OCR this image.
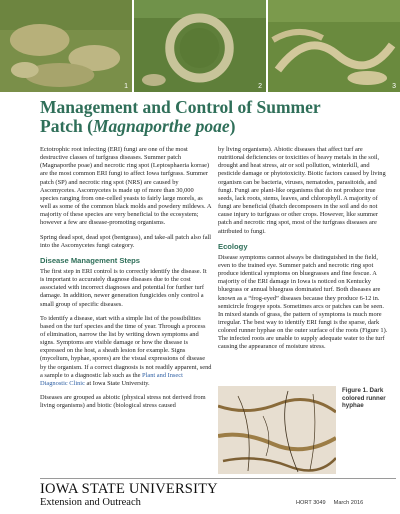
1	2	3
Management and Control of Summer
Patch (Magnaporthe poae)

Ectotrophic root infecting (ERI) fungi are one of the most destructive classes of turfgrass diseases. Summer patch (Magnaporthe poae) and necrotic ring spot (Leptosphaeria korrae) are the most common ERI fungi to affect Iowa turfgrass. Summer patch (SP) and necrotic ring spot (NRS) are caused by Ascomycetes. Ascomycetes is made up of more than 30,000 species ranging from one-celled yeasts to fairly large morels, as well as some of the common black molds and powdery mildews. A majority of these species are very beneficial to the ecosystem; however a few are disease-promoting organisms.

Spring dead spot, dead spot (bentgrass), and take-all patch also fall into the Ascomycetes fungi category.

Disease Management Steps

The first step in ERI control is to correctly identify the disease. It is important to accurately diagnose diseases due to the cost associated with incorrect diagnoses and potential for further turf damage. In addition, newer generation fungicides only control a small group of specific diseases.

To identify a disease, start with a simple list of the possibilities based on the turf species and the time of year. Through a process of elimination, narrow the list by writing down symptoms and signs. Symptoms are visible damage or how the disease is expressed on the host, a sheath lesion for example. Signs (mycelium, hyphae, spores) are the visual expressions of disease by the organism. If a correct diagnosis is not readily apparent, send a sample to a diagnostic lab such as the Plant and Insect Diagnostic Clinic at Iowa State University.

Diseases are grouped as abiotic (physical stress not derived from living organisms) and biotic (biological stress caused

by living organisms). Abiotic diseases that affect turf are nutritional deficiencies or toxicities of heavy metals in the soil, drought and heat stress, air or soil pollution, winterkill, and pesticide damage or phytotoxicity. Biotic factors caused by living organism can be bacteria, viruses, nematodes, parasitoids, and fungi. Fungi are plant-like organisms that do not produce true seeds, lack roots, stems, leaves, and chlorophyll. A majority of fungi are beneficial (thatch decomposers in the soil and do not cause injury to turfgrass or other crops. However, like summer patch and necrotic ring spot, most of the turfgrass diseases are attributed to fungi.

Ecology

Disease symptoms cannot always be distinguished in the field, even to the trained eye. Summer patch and necrotic ring spot produce identical symptoms on bluegrasses and fine fescue. A majority of the ERI damage in Iowa is noticed on Kentucky bluegrass or annual bluegrass dominated turf. Both diseases are known as a “frog-eyed” diseases because they produce 6-12 in. semicircle frogeye spots. Sometimes arcs or patches can be seen. In mixed stands of grass, the pattern of symptoms is much more irregular. The best way to identify ERI fungi is the sparse, dark colored runner hyphae on the outer surface of the roots (Figure 1). The infected roots are unable to supply adequate water to the turf causing the appearance of moisture stress.

Figure 1. Dark colored runner hyphae
IOWA STATE UNIVERSITY
Extension and Outreach	HORT 3049 March 2016
